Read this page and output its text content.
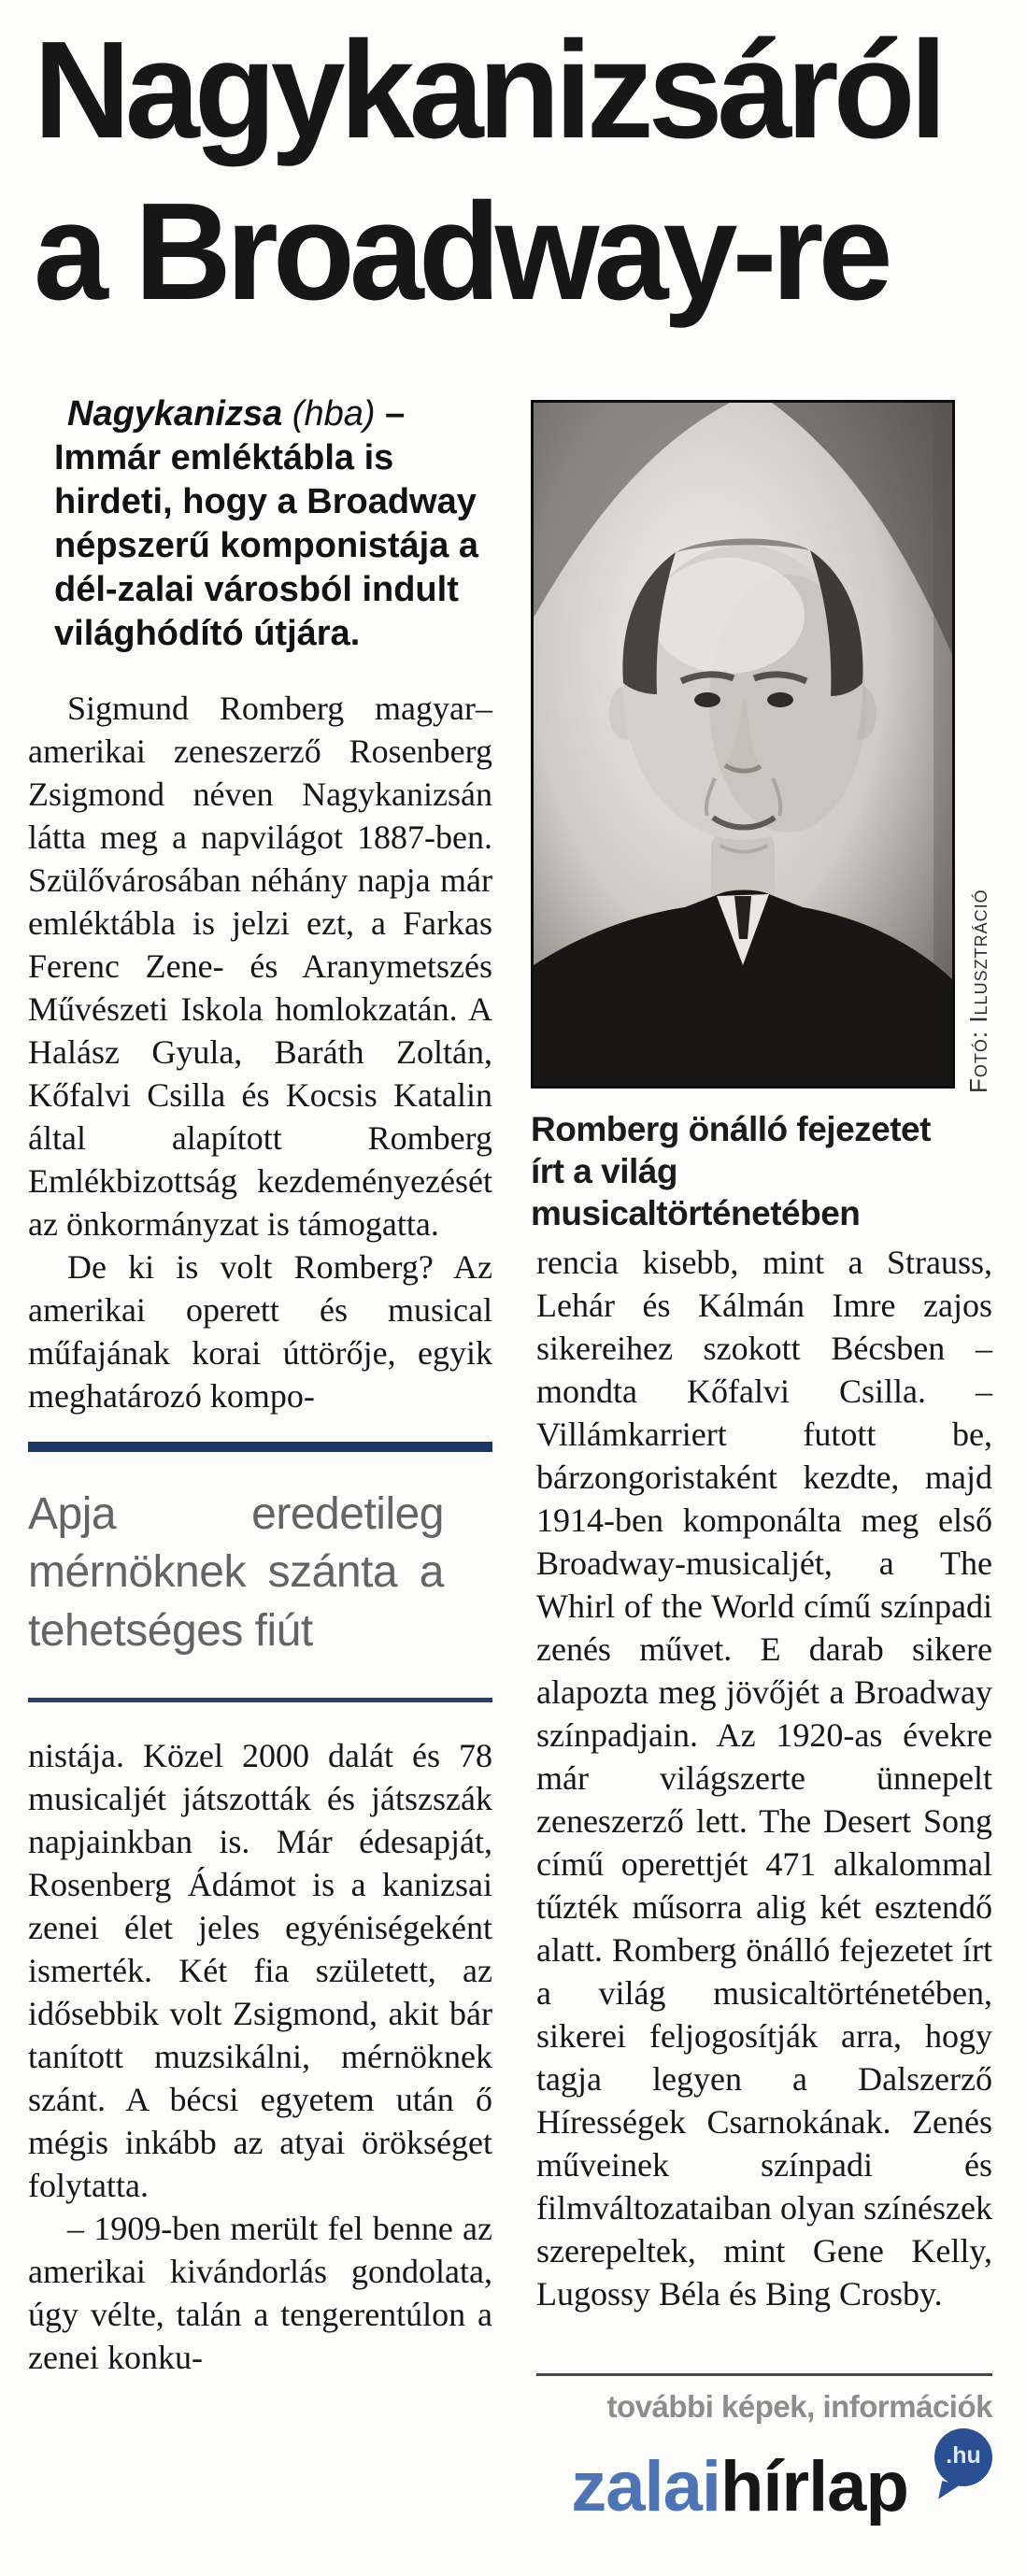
Nagykanizsáról
a Broadway-re

Nagykanizsa (hba) – Immár emléktábla is hirdeti, hogy a Broadway népszerű komponistája a dél-zalai városból indult világhódító útjára.

Fotó: Illusztráció
Romberg önálló fejezetet írt a világ musicaltörténetében

Sigmund Romberg magyar–amerikai zeneszerző Rosenberg Zsigmond néven Nagykanizsán látta meg a napvilágot 1887-ben. Szülővárosában néhány napja már emléktábla is jelzi ezt, a Farkas Ferenc Zene- és Aranymetszés Művészeti Iskola homlokzatán. A Halász Gyula, Baráth Zoltán, Kőfalvi Csilla és Kocsis Katalin által alapított Romberg Emlékbizottság kezdeményezését az önkormányzat is támogatta.

De ki is volt Romberg? Az amerikai operett és musical műfajának korai úttörője, egyik meghatározó kompo-

Apja eredetileg mérnöknek szánta a tehetséges fiút

nistája. Közel 2000 dalát és 78 musicaljét játszották és játszszák napjainkban is. Már édesapját, Rosenberg Ádámot is a kanizsai zenei élet jeles egyéniségeként ismerték. Két fia született, az idősebbik volt Zsigmond, akit bár tanított muzsikálni, mérnöknek szánt. A bécsi egyetem után ő mégis inkább az atyai örökséget folytatta.

– 1909-ben merült fel benne az amerikai kivándorlás gondolata, úgy vélte, talán a tengerentúlon a zenei konku-

rencia kisebb, mint a Strauss, Lehár és Kálmán Imre zajos sikereihez szokott Bécsben – mondta Kőfalvi Csilla. – Villámkarriert futott be, bárzongoristaként kezdte, majd 1914-ben komponálta meg első Broadway-musicaljét, a The Whirl of the World című színpadi zenés művet. E darab sikere alapozta meg jövőjét a Broadway színpadjain. Az 1920-as évekre már világszerte ünnepelt zeneszerző lett. The Desert Song című operettjét 471 alkalommal tűzték műsorra alig két esztendő alatt. Romberg önálló fejezetet írt a világ musicaltörténetében, sikerei feljogosítják arra, hogy tagja legyen a Dalszerző Hírességek Csarnokának. Zenés műveinek színpadi és filmváltozataiban olyan színészek szerepeltek, mint Gene Kelly, Lugossy Béla és Bing Crosby.

további képek, információk
zalaihírlap	.hu
